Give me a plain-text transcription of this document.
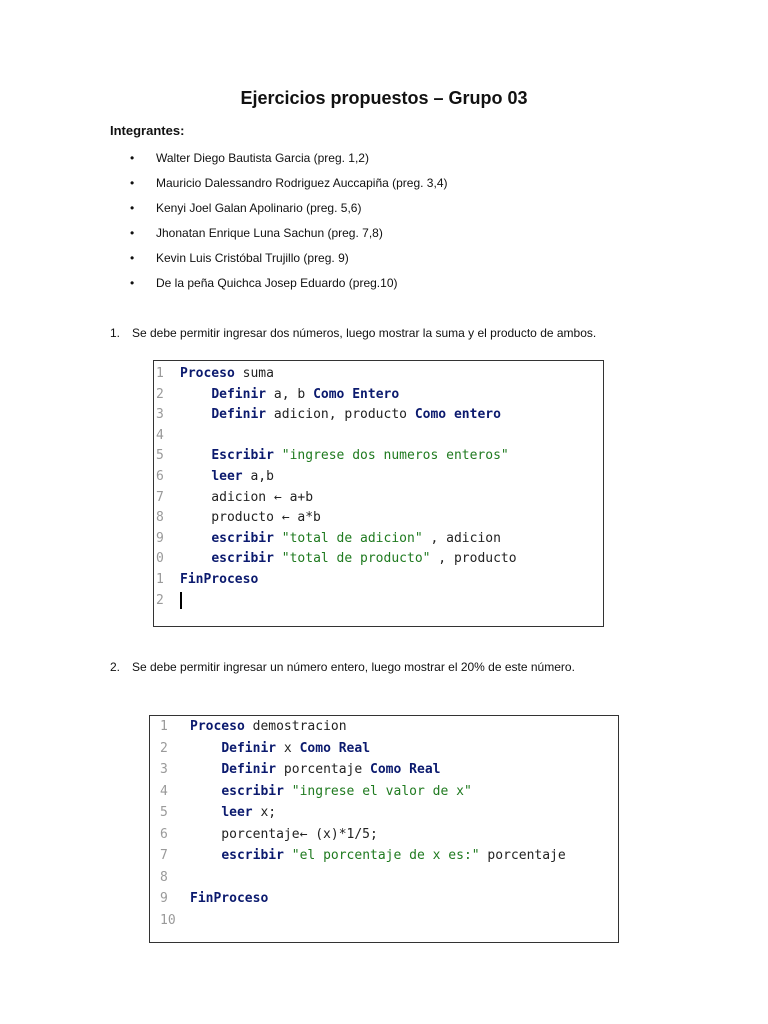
Ejercicios propuestos – Grupo 03
Integrantes:
• Walter Diego Bautista Garcia (preg. 1,2)
• Mauricio Dalessandro Rodriguez Auccapiña (preg. 3,4)
• Kenyi Joel Galan Apolinario (preg. 5,6)
• Jhonatan Enrique Luna Sachun (preg. 7,8)
• Kevin Luis Cristóbal Trujillo (preg. 9)
• De la peña Quichca Josep Eduardo (preg.10)
1. Se debe permitir ingresar dos números, luego mostrar la suma y el producto de ambos.
1 Proceso suma
2	Definir a, b Como Entero
3	Definir adicion, producto Como entero
4
5	Escribir "ingrese dos numeros enteros"
6	leer a,b
7    adicion ← a+b
8    producto ← a*b
9	escribir "total de adicion" , adicion
0	escribir "total de producto" , producto
1 FinProceso
2
2. Se debe permitir ingresar un número entero, luego mostrar el 20% de este número.
1 Proceso demostracion
2	Definir x Como Real
3	Definir porcentaje Como Real
4	escribir "ingrese el valor de x"
5	leer x;
6    porcentaje← (x)*1/5;
7	escribir "el porcentaje de x es:" porcentaje
8
9 FinProceso
10
